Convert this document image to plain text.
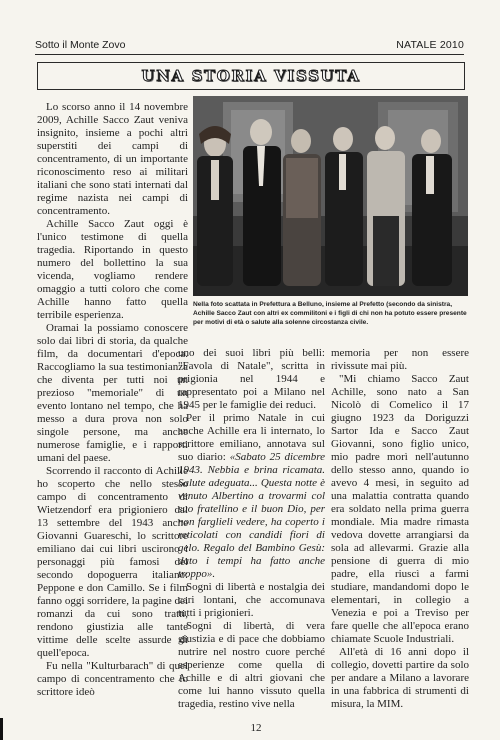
Sotto il Monte Zovo	NATALE 2010
UNA STORIA VISSUTA

Lo scorso anno il 14 novembre 2009, Achille Sacco Zaut veniva insignito, insieme a pochi altri superstiti dei campi di concentramento, di un importante riconoscimento reso ai militari italiani che sono stati internati dal regime nazista nei campi di concentramento.

Achille Sacco Zaut oggi è l'unico testimone di quella tragedia. Riportando in questo numero del bollettino la sua vicenda, vogliamo rendere omaggio a tutti coloro che come Achille hanno fatto quella terribile esperienza.

Oramai la possiamo conoscere solo dai libri di storia, da qualche film, da documentari d'epoca. Raccogliamo la sua testimonianza che diventa per tutti noi un prezioso "memoriale" di un evento lontano nel tempo, che ha messo a dura prova non solo singole persone, ma anche numerose famiglie, e i rapporti umani del paese.

Scorrendo il racconto di Achille ho scoperto che nello stesso campo di concentramento di Wietzendorf era prigioniero dal 13 settembre del 1943 anche Giovanni Guareschi, lo scrittore emiliano dai cui libri uscirono i personaggi più famosi del secondo dopoguerra italiano: Peppone e don Camillo. Se i film fanno oggi sorridere, la pagine dei romanzi da cui sono tratti, rendono giustizia alle tante vittime delle scelte assurde di quell'epoca.

Fu nella "Kulturbarach" di quel campo di concentramento che lo scrittore ideò

Nella foto scattata in Prefettura a Belluno, insieme al Prefetto (secondo da sinistra, Achille Sacco Zaut con altri ex commilitoni e i figli di chi non ha potuto essere presente per motivi di età o salute alla solenne circostanza civile.

uno dei suoi libri più belli: "Favola di Natale", scritta in prigionia nel 1944 e rappresentato poi a Milano nel 1945 per le famiglie dei reduci.

Per il primo Natale in cui anche Achille era li internato, lo scrittore emiliano, annotava sul suo diario: «Sabato 25 dicembre 1943. Nebbia e brina ricamata. Salute adeguata... Questa notte è venuto Albertino a trovarmi col suo fratellino e il buon Dio, per non farglieli vedere, ha coperto i reticolati con candidi fiori di gelo. Regalo del Bambino Gesù: dato i tempi ha fatto anche troppo».

Sogni di libertà e nostalgia dei cari lontani, che accomunava tutti i prigionieri.

Sogni di libertà, di vera giustizia e di pace che dobbiamo nutrire nel nostro cuore perché esperienze come quella di Achille e di altri giovani che come lui hanno vissuto quella tragedia, restino vive nella

memoria per non essere rivissute mai più.

"Mi chiamo Sacco Zaut Achille, sono nato a San Nicolò di Comelico il 17 giugno 1923 da Doriguzzi Sartor Ida e Sacco Zaut Giovanni, sono figlio unico, mio padre morì nell'autunno dello stesso anno, quando io avevo 4 mesi, in seguito ad una malattia contratta quando era soldato nella prima guerra mondiale. Mia madre rimasta vedova dovette arrangiarsi da sola ad allevarmi. Grazie alla pensione di guerra di mio padre, ella riuscì a farmi studiare, mandandomi dopo le elementari, in collegio a Venezia e poi a Treviso per fare quelle che all'epoca erano chiamate Scuole Industriali.

All'età di 16 anni dopo il collegio, dovetti partire da solo per andare a Milano a lavorare in una fabbrica di strumenti di misura, la MIM.

12
